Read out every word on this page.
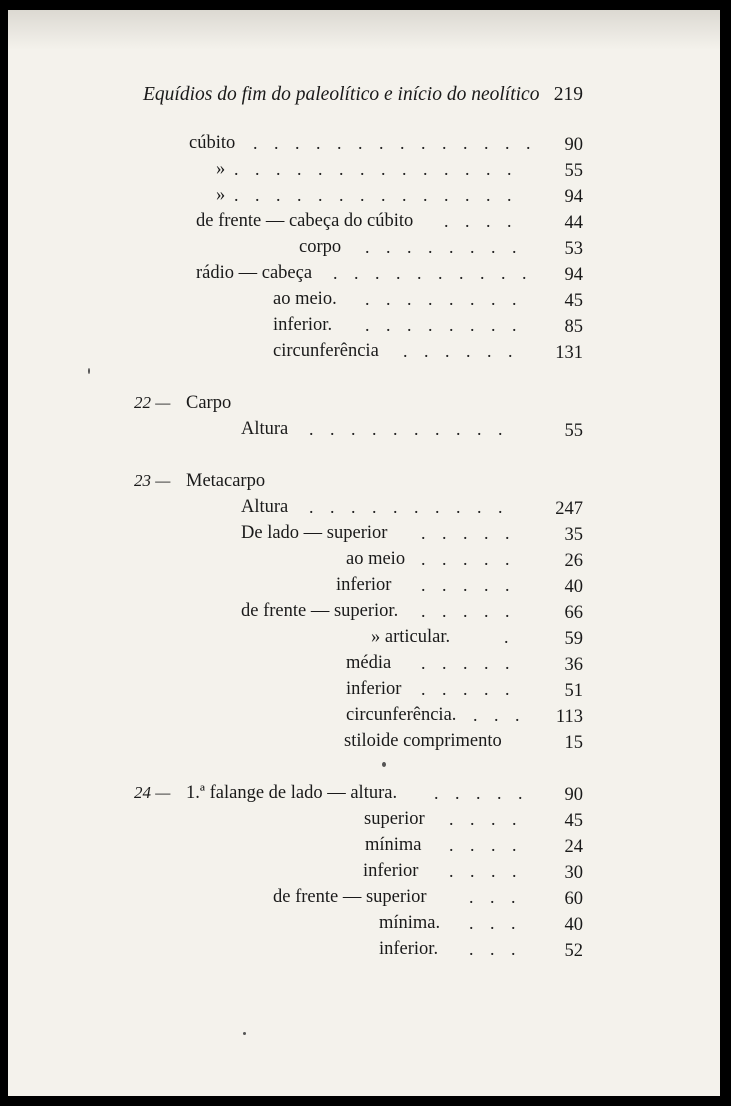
Equídios do fim do paleolítico e início do neolítico 219
cúbito . . . . . . . . . . . . . .	90
» . . . . . . . . . . . . . .	55
» . . . . . . . . . . . . . .	94
de frente — cabeça do cúbito . . . .	44
corpo . . . . . . . .	53
rádio — cabeça . . . . . . . . . .	94
ao meio. . . . . . . . .	45
inferior. . . . . . . . .	85
circunferência . . . . . .	131
22 — Carpo
Altura . . . . . . . . . .	55
23 — Metacarpo
Altura . . . . . . . . . .	247
De lado — superior . . . . .	35
ao meio . . . . .	26
inferior . . . . .	40
de frente — superior. . . . . .	66
» articular.	.	59
média . . . . .	36
inferior . . . . .	51
circunferência. . . .	113
stiloide comprimento	15
24 — 1.ª falange de lado — altura. . . . . .	90
superior . . . .	45
mínima . . . .	24
inferior . . . .	30
de frente — superior . . .	60
mínima. . . .	40
inferior. . . .	52
